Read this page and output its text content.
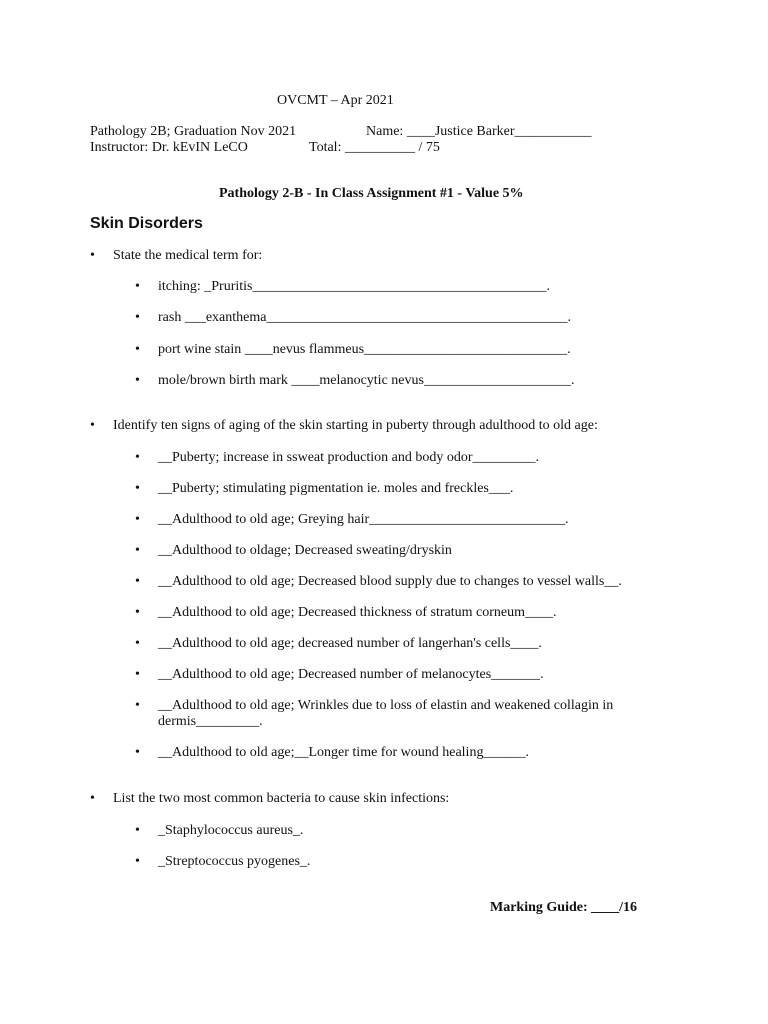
OVCMT – Apr 2021
Pathology 2B; Graduation Nov 2021
Instructor: Dr. kEvIN LeCO
Name: ____Justice Barker___________
Total: __________ / 75
Pathology 2-B - In Class Assignment #1 - Value 5%
Skin Disorders
• State the medical term for:
• itching: _Pruritis__________________________________________.
• rash ___exanthema___________________________________________.
• port wine stain ____nevus flammeus_____________________________.
• mole/brown birth mark ____melanocytic nevus_____________________.
• Identify ten signs of aging of the skin starting in puberty through adulthood to old age:
• __Puberty; increase in ssweat production and body odor_________.
• __Puberty; stimulating pigmentation ie. moles and freckles___.
• __Adulthood to old age; Greying hair____________________________.
• __Adulthood to oldage; Decreased sweating/dryskin
• __Adulthood to old age; Decreased blood supply due to changes to vessel walls__.
• __Adulthood to old age; Decreased thickness of stratum corneum____.
• __Adulthood to old age; decreased number of langerhan's cells____.
• __Adulthood to old age; Decreased number of melanocytes_______.
• __Adulthood to old age; Wrinkles due to loss of elastin and weakened collagin in dermis_________.
• __Adulthood to old age;__Longer time for wound healing______.
• List the two most common bacteria to cause skin infections:
• _Staphylococcus aureus_.
• _Streptococcus pyogenes_.
Marking Guide: ____/16
